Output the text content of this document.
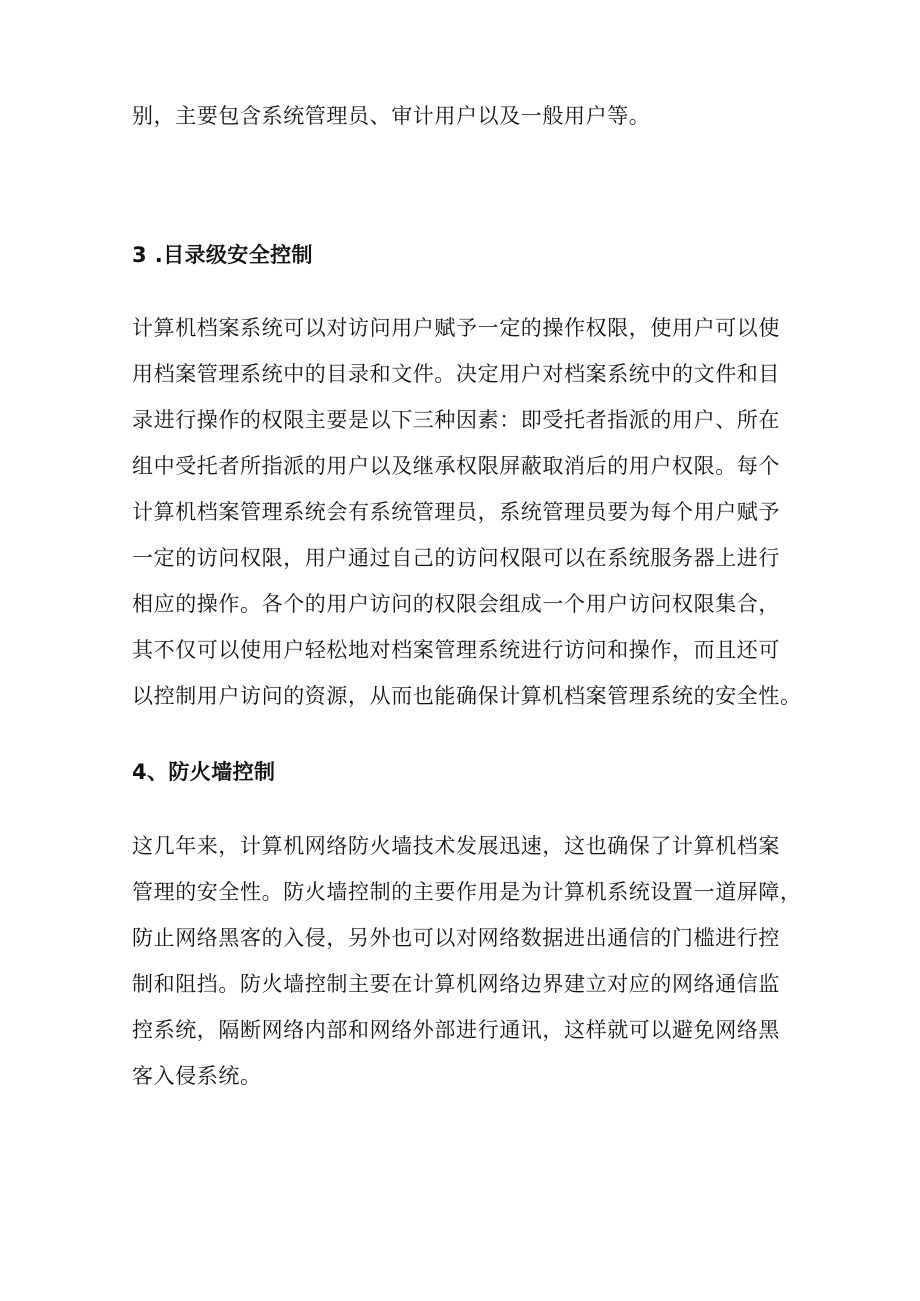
别，主要包含系统管理员、审计用户以及一般用户等。
3 .目录级安全控制
计算机档案系统可以对访问用户赋予一定的操作权限，使用户可以使
用档案管理系统中的目录和文件。决定用户对档案系统中的文件和目
录进行操作的权限主要是以下三种因素：即受托者指派的用户、所在
组中受托者所指派的用户以及继承权限屏蔽取消后的用户权限。每个
计算机档案管理系统会有系统管理员，系统管理员要为每个用户赋予
一定的访问权限，用户通过自己的访问权限可以在系统服务器上进行
相应的操作。各个的用户访问的权限会组成一个用户访问权限集合，
其不仅可以使用户轻松地对档案管理系统进行访问和操作，而且还可
以控制用户访问的资源，从而也能确保计算机档案管理系统的安全性。
4、防火墙控制
这几年来，计算机网络防火墙技术发展迅速，这也确保了计算机档案
管理的安全性。防火墙控制的主要作用是为计算机系统设置一道屏障，
防止网络黑客的入侵，另外也可以对网络数据进出通信的门槛进行控
制和阻挡。防火墙控制主要在计算机网络边界建立对应的网络通信监
控系统，隔断网络内部和网络外部进行通讯，这样就可以避免网络黑
客入侵系统。
